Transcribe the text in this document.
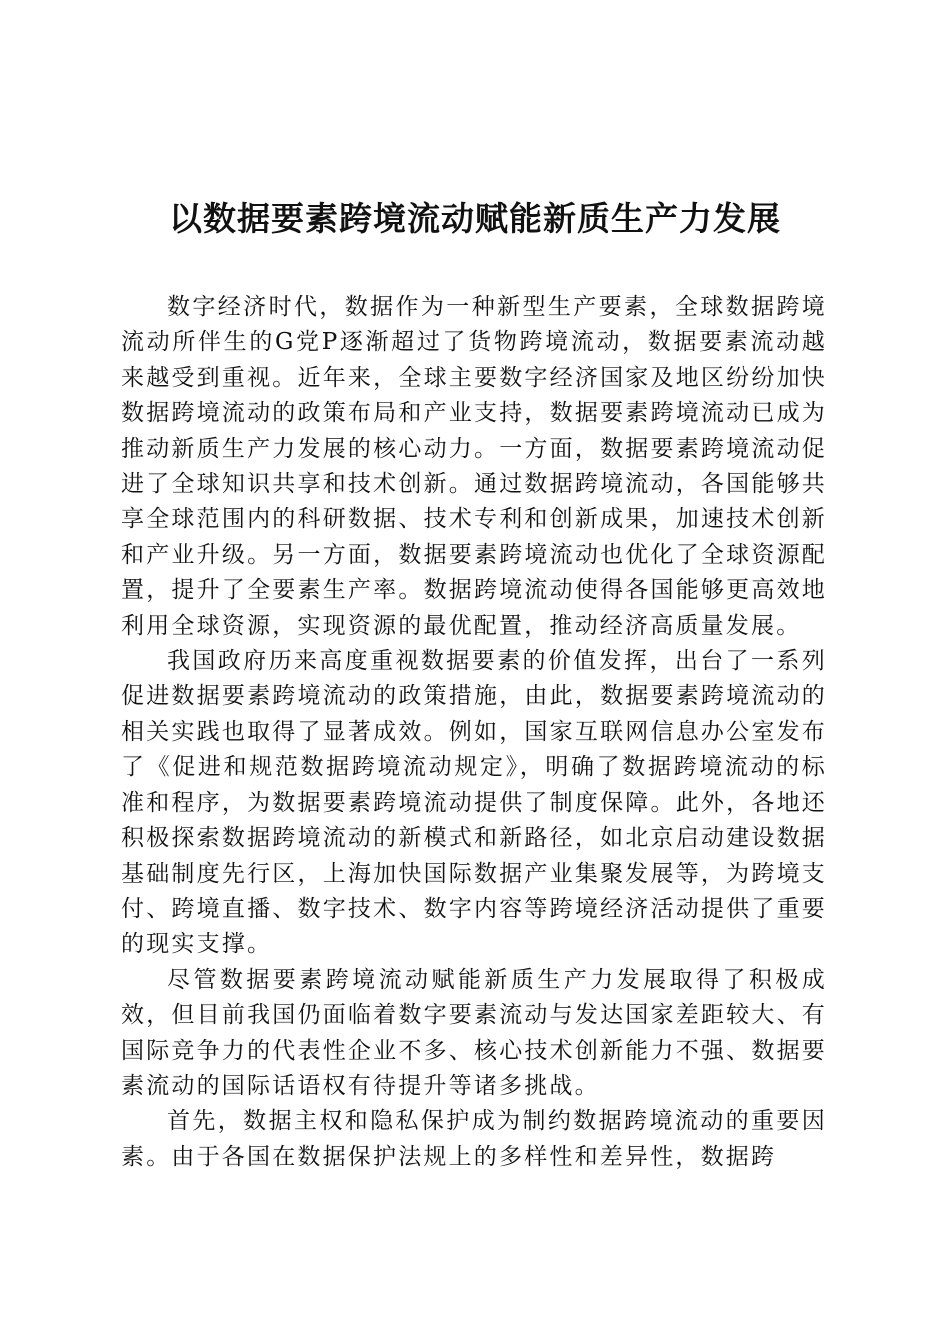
以数据要素跨境流动赋能新质生产力发展

数字经济时代，数据作为一种新型生产要素，全球数据跨境流动所伴生的G党P逐渐超过了货物跨境流动，数据要素流动越来越受到重视。近年来，全球主要数字经济国家及地区纷纷加快数据跨境流动的政策布局和产业支持，数据要素跨境流动已成为推动新质生产力发展的核心动力。一方面，数据要素跨境流动促进了全球知识共享和技术创新。通过数据跨境流动，各国能够共享全球范围内的科研数据、技术专利和创新成果，加速技术创新和产业升级。另一方面，数据要素跨境流动也优化了全球资源配置，提升了全要素生产率。数据跨境流动使得各国能够更高效地利用全球资源，实现资源的最优配置，推动经济高质量发展。

我国政府历来高度重视数据要素的价值发挥，出台了一系列促进数据要素跨境流动的政策措施，由此，数据要素跨境流动的相关实践也取得了显著成效。例如，国家互联网信息办公室发布了《促进和规范数据跨境流动规定》，明确了数据跨境流动的标准和程序，为数据要素跨境流动提供了制度保障。此外，各地还积极探索数据跨境流动的新模式和新路径，如北京启动建设数据基础制度先行区，上海加快国际数据产业集聚发展等，为跨境支付、跨境直播、数字技术、数字内容等跨境经济活动提供了重要的现实支撑。

尽管数据要素跨境流动赋能新质生产力发展取得了积极成效，但目前我国仍面临着数字要素流动与发达国家差距较大、有国际竞争力的代表性企业不多、核心技术创新能力不强、数据要素流动的国际话语权有待提升等诸多挑战。

首先，数据主权和隐私保护成为制约数据跨境流动的重要因素。由于各国在数据保护法规上的多样性和差异性，数据跨
